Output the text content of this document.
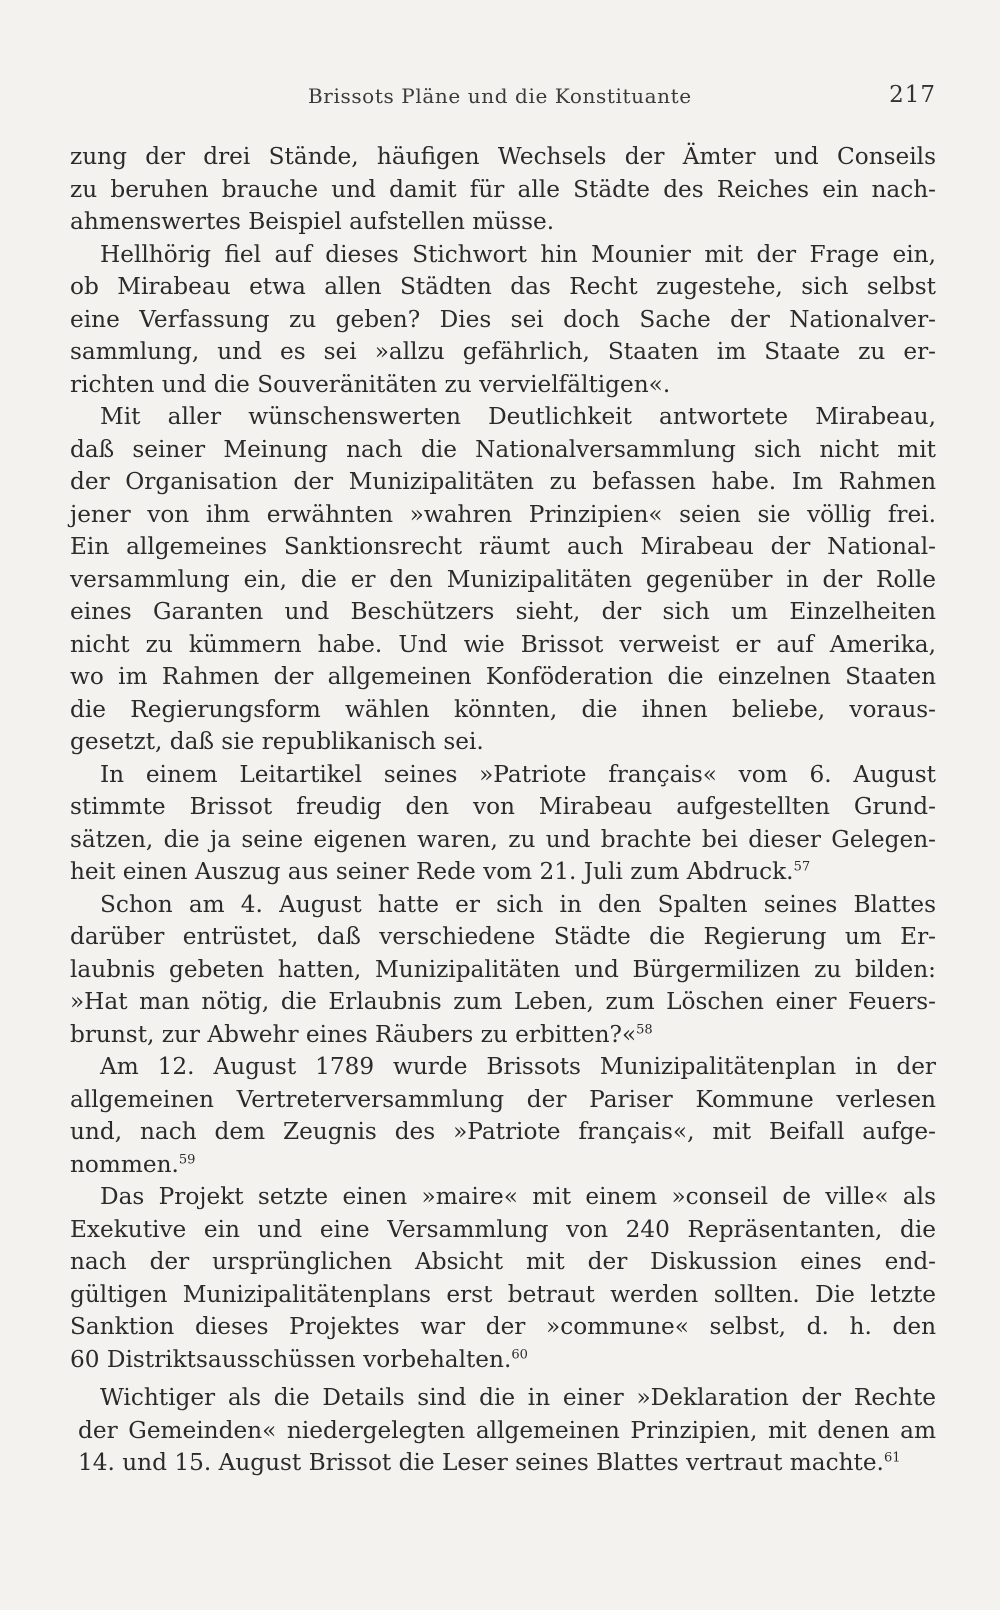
Brissots Pläne und die Konstituante	217
zung der drei Stände, häufigen Wechsels der Ämter und Conseils
zu beruhen brauche und damit für alle Städte des Reiches ein nach-
ahmenswertes Beispiel aufstellen müsse.
Hellhörig fiel auf dieses Stichwort hin Mounier mit der Frage ein,
ob Mirabeau etwa allen Städten das Recht zugestehe, sich selbst
eine Verfassung zu geben? Dies sei doch Sache der Nationalver-
sammlung, und es sei »allzu gefährlich, Staaten im Staate zu er-
richten und die Souveränitäten zu vervielfältigen«.
Mit aller wünschenswerten Deutlichkeit antwortete Mirabeau,
daß seiner Meinung nach die Nationalversammlung sich nicht mit
der Organisation der Munizipalitäten zu befassen habe. Im Rahmen
jener von ihm erwähnten »wahren Prinzipien« seien sie völlig frei.
Ein allgemeines Sanktionsrecht räumt auch Mirabeau der National-
versammlung ein, die er den Munizipalitäten gegenüber in der Rolle
eines Garanten und Beschützers sieht, der sich um Einzelheiten
nicht zu kümmern habe. Und wie Brissot verweist er auf Amerika,
wo im Rahmen der allgemeinen Konföderation die einzelnen Staaten
die Regierungsform wählen könnten, die ihnen beliebe, voraus-
gesetzt, daß sie republikanisch sei.
In einem Leitartikel seines »Patriote français« vom 6. August
stimmte Brissot freudig den von Mirabeau aufgestellten Grund-
sätzen, die ja seine eigenen waren, zu und brachte bei dieser Gelegen-
heit einen Auszug aus seiner Rede vom 21. Juli zum Abdruck.$^{57}$
Schon am 4. August hatte er sich in den Spalten seines Blattes
darüber entrüstet, daß verschiedene Städte die Regierung um Er-
laubnis gebeten hatten, Munizipalitäten und Bürgermilizen zu bilden:
»Hat man nötig, die Erlaubnis zum Leben, zum Löschen einer Feuers-
brunst, zur Abwehr eines Räubers zu erbitten?«$^{58}$
Am 12. August 1789 wurde Brissots Munizipalitätenplan in der
allgemeinen Vertreterversammlung der Pariser Kommune verlesen
und, nach dem Zeugnis des »Patriote français«, mit Beifall aufge-
nommen.$^{59}$
Das Projekt setzte einen »maire« mit einem »conseil de ville« als
Exekutive ein und eine Versammlung von 240 Repräsentanten, die
nach der ursprünglichen Absicht mit der Diskussion eines end-
gültigen Munizipalitätenplans erst betraut werden sollten. Die letzte
Sanktion dieses Projektes war der »commune« selbst, d. h. den
60 Distriktsausschüssen vorbehalten.$^{60}$
Wichtiger als die Details sind die in einer »Deklaration der Rechte
der Gemeinden« niedergelegten allgemeinen Prinzipien, mit denen am
14. und 15. August Brissot die Leser seines Blattes vertraut machte.$^{61}$
